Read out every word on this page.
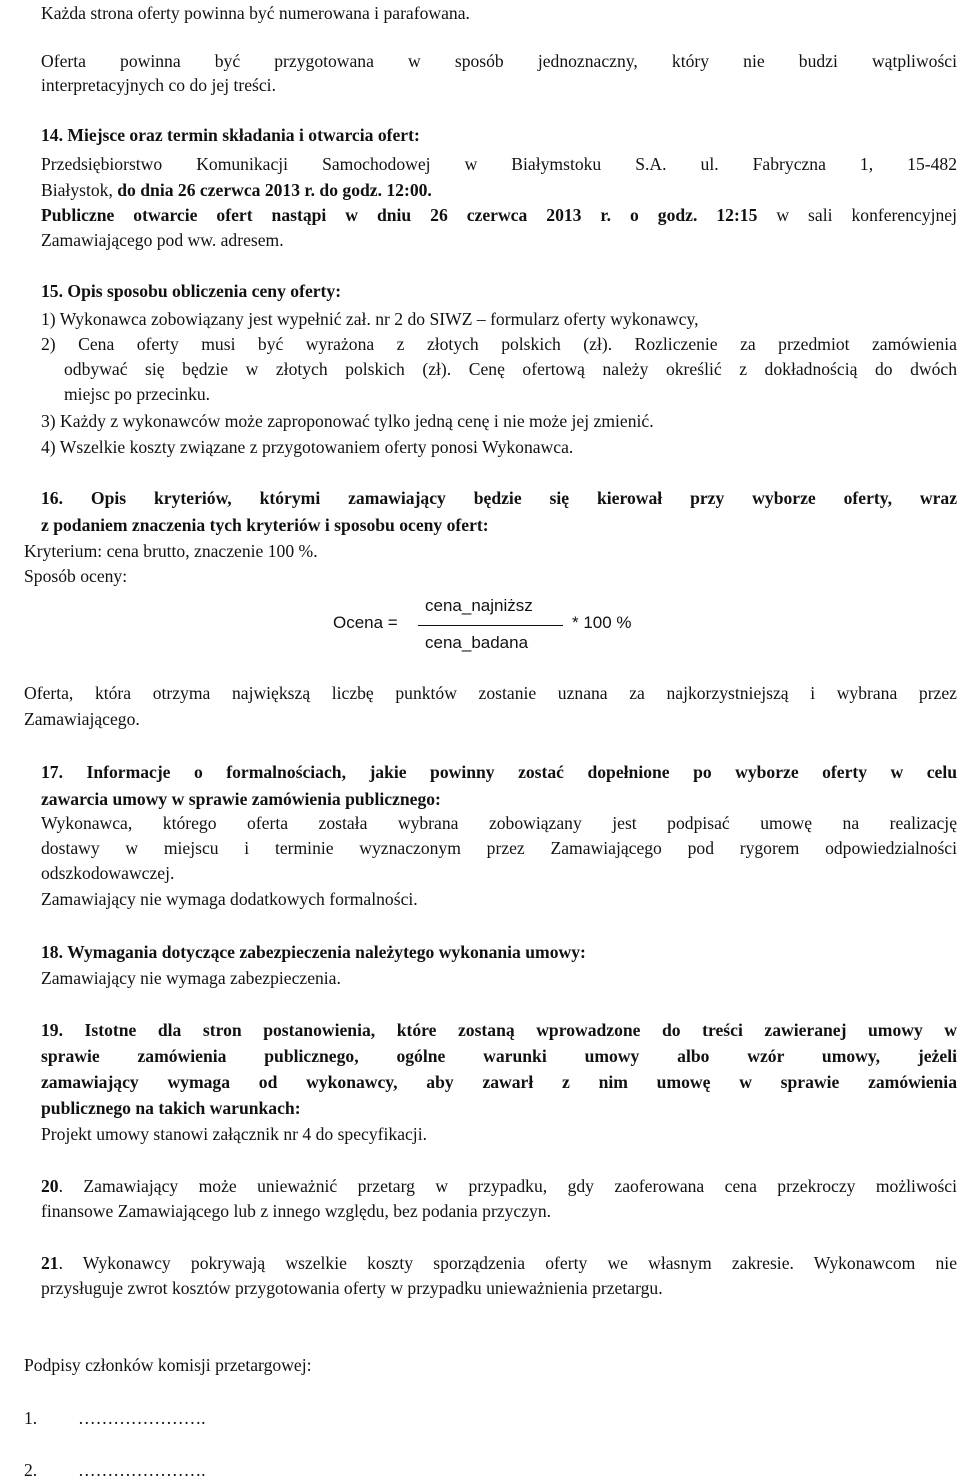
Każda strona oferty powinna być numerowana i parafowana.
Oferta powinna być przygotowana w sposób jednoznaczny, który nie budzi wątpliwości
interpretacyjnych co do jej treści.
14. Miejsce oraz termin składania i otwarcia ofert:
Przedsiębiorstwo Komunikacji Samochodowej w Białymstoku S.A. ul. Fabryczna 1, 15-482
Białystok, do dnia 26 czerwca 2013 r. do godz. 12:00.
Publiczne otwarcie ofert nastąpi w dniu 26 czerwca 2013 r. o godz. 12:15 w sali konferencyjnej
Zamawiającego pod ww. adresem.
15. Opis sposobu obliczenia ceny oferty:
1) Wykonawca zobowiązany jest wypełnić zał. nr 2 do SIWZ – formularz oferty wykonawcy,
2) Cena oferty musi być wyrażona z złotych polskich (zł). Rozliczenie za przedmiot zamówienia
odbywać się będzie w złotych polskich (zł). Cenę ofertową należy określić z dokładnością do dwóch
miejsc po przecinku.
3) Każdy z wykonawców może zaproponować tylko jedną cenę i nie może jej zmienić.
4) Wszelkie koszty związane z przygotowaniem oferty ponosi Wykonawca.
16. Opis kryteriów, którymi zamawiający będzie się kierował przy wyborze oferty, wraz
z podaniem znaczenia tych kryteriów i sposobu oceny ofert:
Kryterium: cena brutto, znaczenie 100 %.
Sposób oceny:
Ocena =
cena_najniższ
cena_badana
* 100 %
Oferta, która otrzyma największą liczbę punktów zostanie uznana za najkorzystniejszą i wybrana przez
Zamawiającego.
17. Informacje o formalnościach, jakie powinny zostać dopełnione po wyborze oferty w celu
zawarcia umowy w sprawie zamówienia publicznego:
Wykonawca, którego oferta została wybrana zobowiązany jest podpisać umowę na realizację
dostawy w miejscu i terminie wyznaczonym przez Zamawiającego pod rygorem odpowiedzialności
odszkodowawczej.
Zamawiający nie wymaga dodatkowych formalności.
18. Wymagania dotyczące zabezpieczenia należytego wykonania umowy:
Zamawiający nie wymaga zabezpieczenia.
19. Istotne dla stron postanowienia, które zostaną wprowadzone do treści zawieranej umowy w
sprawie zamówienia publicznego, ogólne warunki umowy albo wzór umowy, jeżeli
zamawiający wymaga od wykonawcy, aby zawarł z nim umowę w sprawie zamówienia
publicznego na takich warunkach:
Projekt umowy stanowi załącznik nr 4 do specyfikacji.
20. Zamawiający może unieważnić przetarg w przypadku, gdy zaoferowana cena przekroczy możliwości
finansowe Zamawiającego lub z innego względu, bez podania przyczyn.
21. Wykonawcy pokrywają wszelkie koszty sporządzenia oferty we własnym zakresie. Wykonawcom nie
przysługuje zwrot kosztów przygotowania oferty w przypadku unieważnienia przetargu.
Podpisy członków komisji przetargowej:
1. ………………….
2. ………………….
